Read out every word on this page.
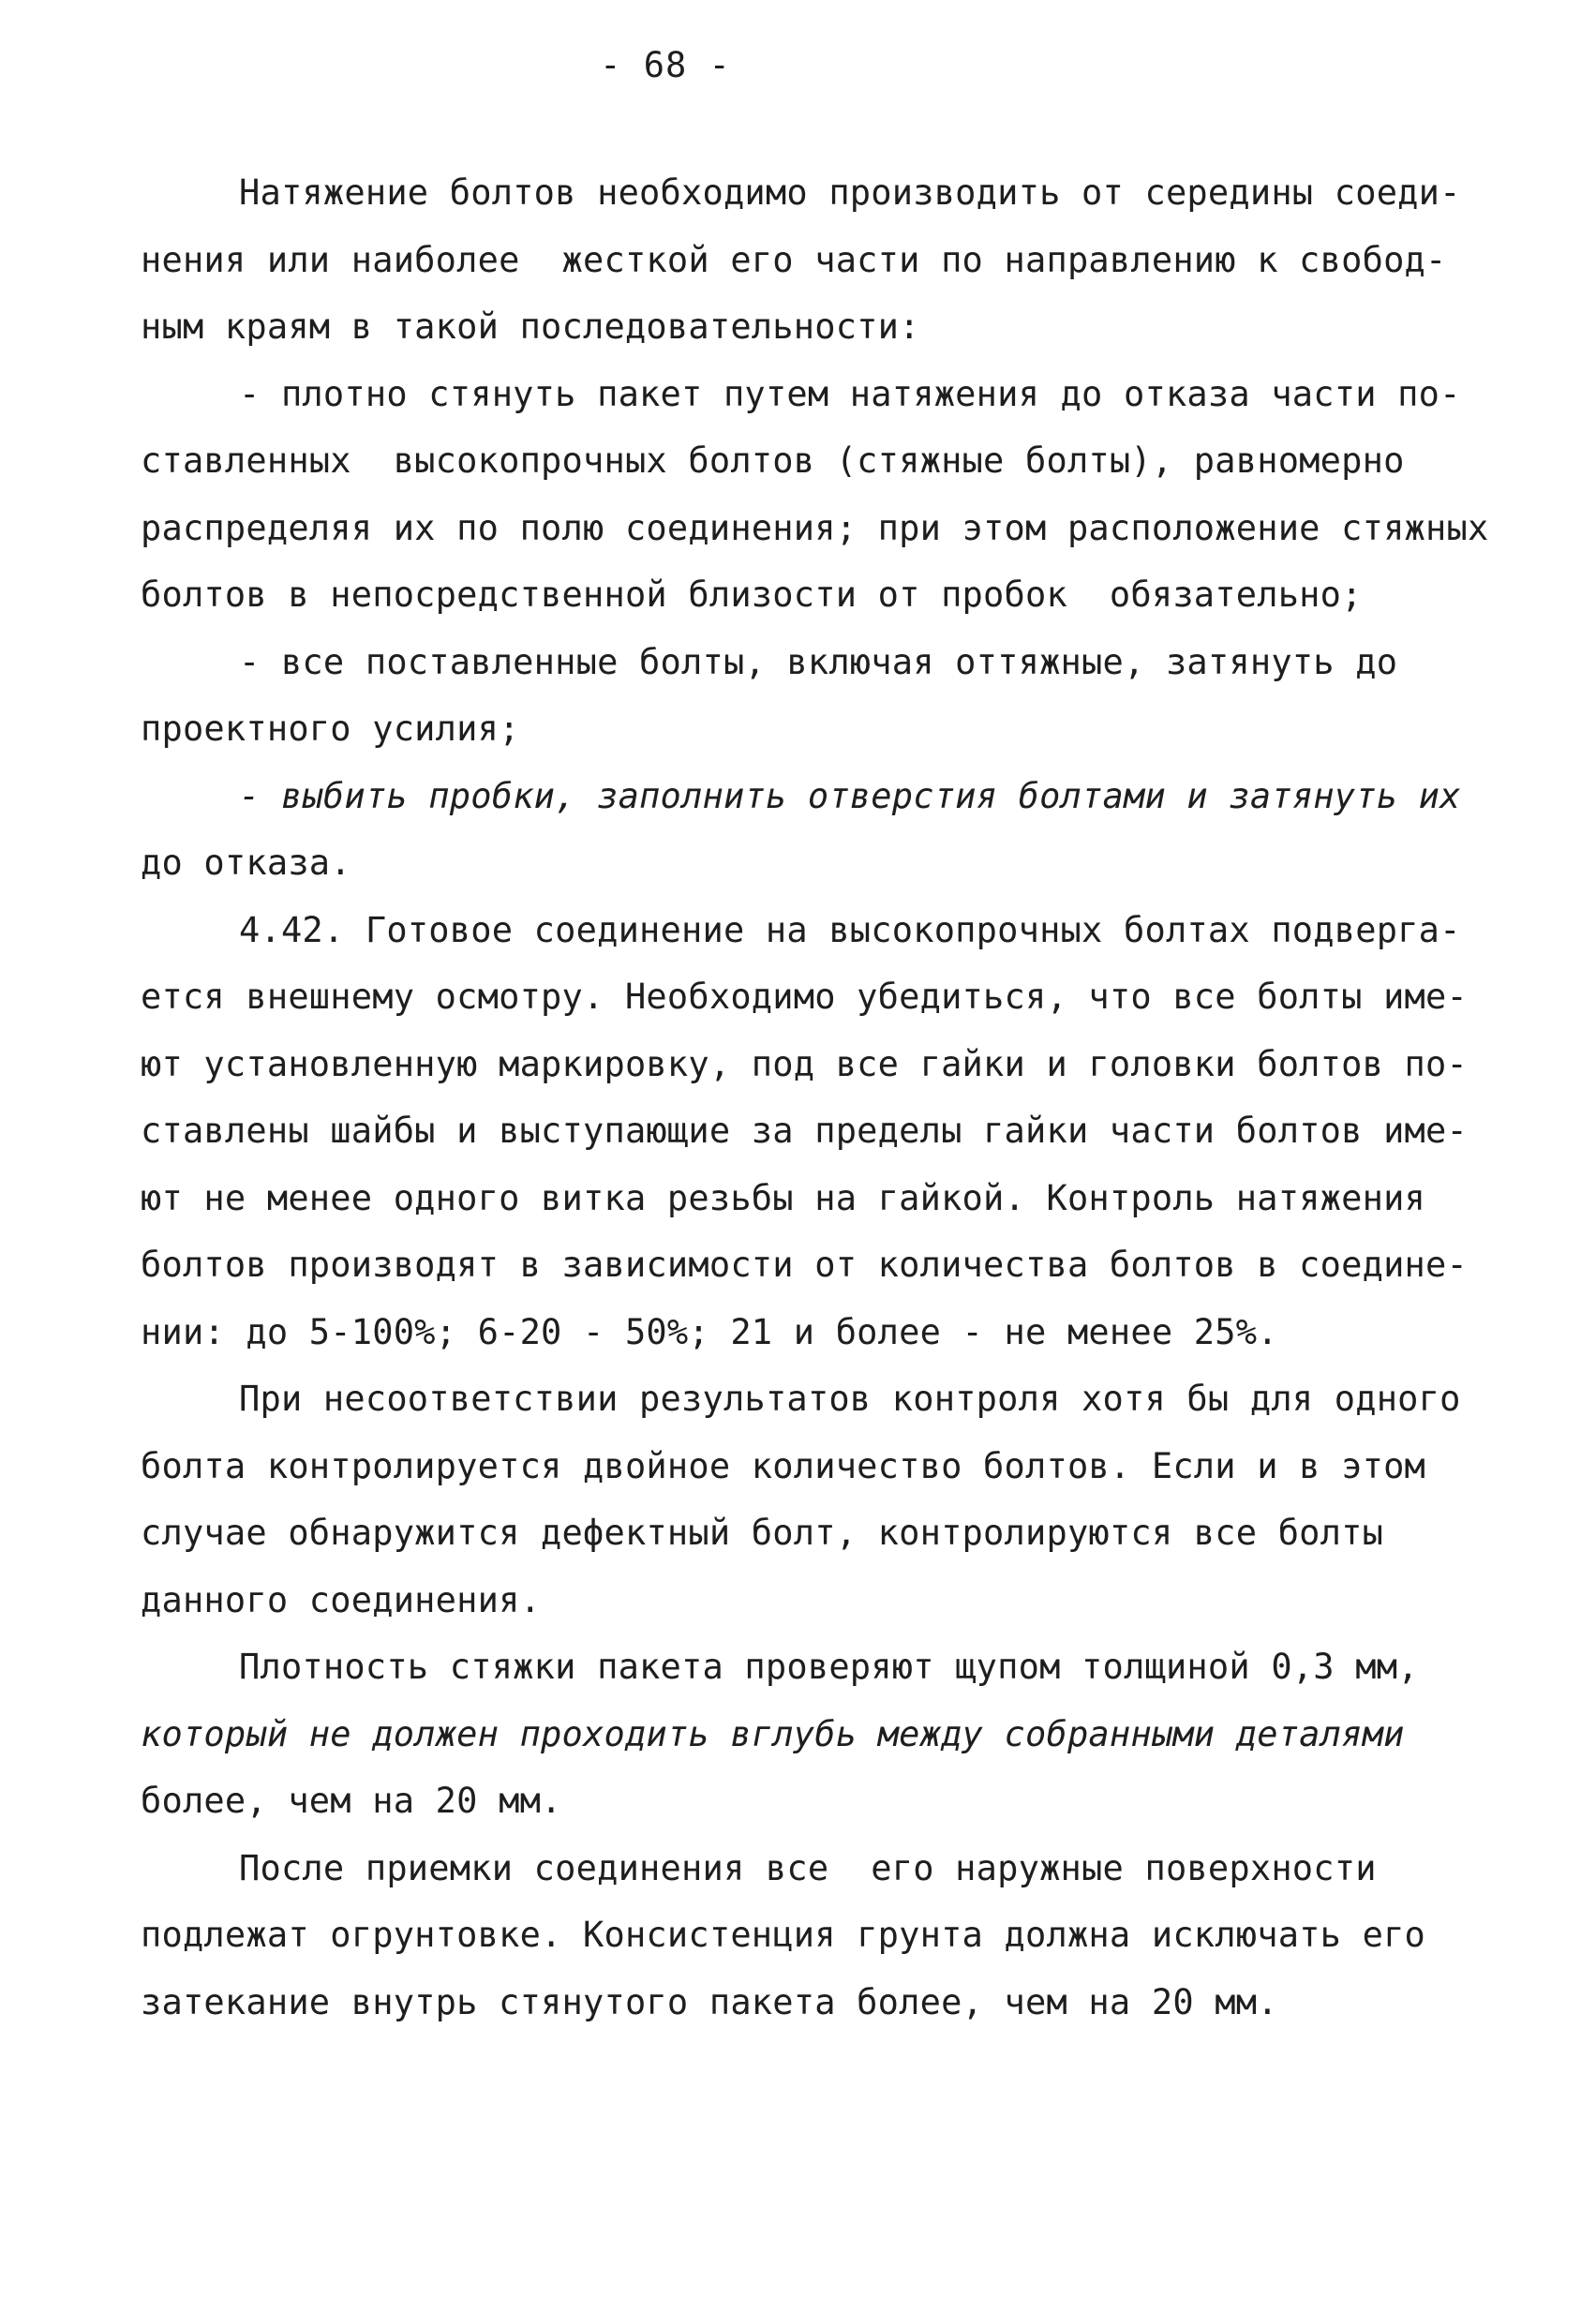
- 68 -
Натяжение болтов необходимо производить от середины соеди-
нения или наиболее  жесткой его части по направлению к свобод-
ным краям в такой последовательности:
- плотно стянуть пакет путем натяжения до отказа части по-
ставленных  высокопрочных болтов (стяжные болты), равномерно
распределяя их по полю соединения; при этом расположение стяжных
болтов в непосредственной близости от пробок  обязательно;
- все поставленные болты, включая оттяжные, затянуть до
проектного усилия;
- выбить пробки, заполнить отверстия болтами и затянуть их
до отказа.
4.42. Готовое соединение на высокопрочных болтах подверга-
ется внешнему осмотру. Необходимо убедиться, что все болты име-
ют установленную маркировку, под все гайки и головки болтов по-
ставлены шайбы и выступающие за пределы гайки части болтов име-
ют не менее одного витка резьбы на гайкой. Контроль натяжения
болтов производят в зависимости от количества болтов в соедине-
нии: до 5-100%; 6-20 - 50%; 21 и более - не менее 25%.
При несоответствии результатов контроля хотя бы для одного
болта контролируется двойное количество болтов. Если и в этом
случае обнаружится дефектный болт, контролируются все болты
данного соединения.
Плотность стяжки пакета проверяют щупом толщиной 0,3 мм,
который не должен проходить вглубь между собранными деталями
более, чем на 20 мм.
После приемки соединения все  его наружные поверхности
подлежат огрунтовке. Консистенция грунта должна исключать его
затекание внутрь стянутого пакета более, чем на 20 мм.
